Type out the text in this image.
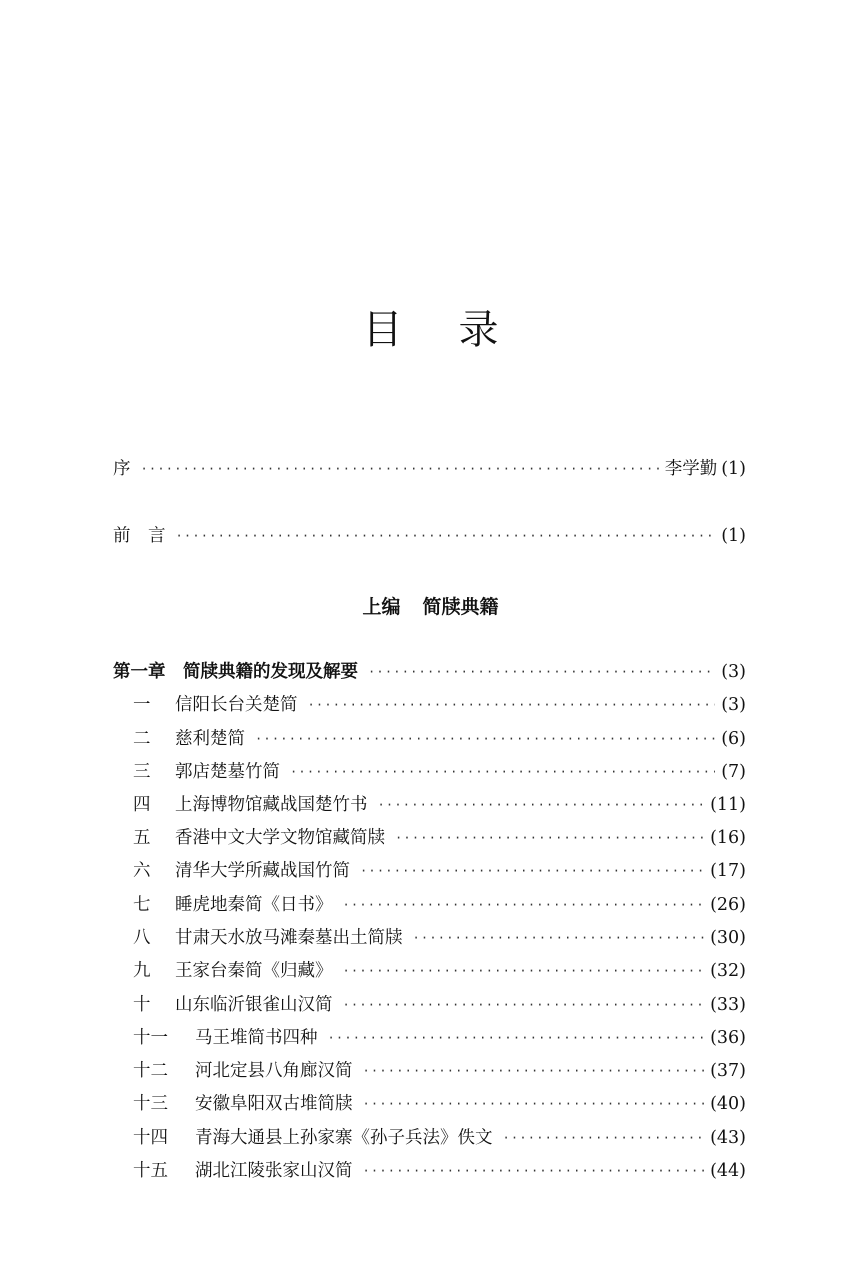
目录
序 ·····	李学勤 (1)
前　言 ·····	(1)
上编 简牍典籍
第一章　简牍典籍的发现及解要 ·····	(3)
一	信阳长台关楚简 ·····	(3)
二	慈利楚简 ·····	(6)
三	郭店楚墓竹简 ·····	(7)
四	上海博物馆藏战国楚竹书 ·····	(11)
五	香港中文大学文物馆藏简牍 ·····	(16)
六	清华大学所藏战国竹简 ·····	(17)
七	睡虎地秦简《日书》 ·····	(26)
八	甘肃天水放马滩秦墓出土简牍 ·····	(30)
九	王家台秦简《归藏》 ·····	(32)
十	山东临沂银雀山汉简 ·····	(33)
十一	马王堆简书四种 ·····	(36)
十二	河北定县八角廊汉简 ·····	(37)
十三	安徽阜阳双古堆简牍 ·····	(40)
十四	青海大通县上孙家寨《孙子兵法》佚文 ·····	(43)
十五	湖北江陵张家山汉简 ·····	(44)
